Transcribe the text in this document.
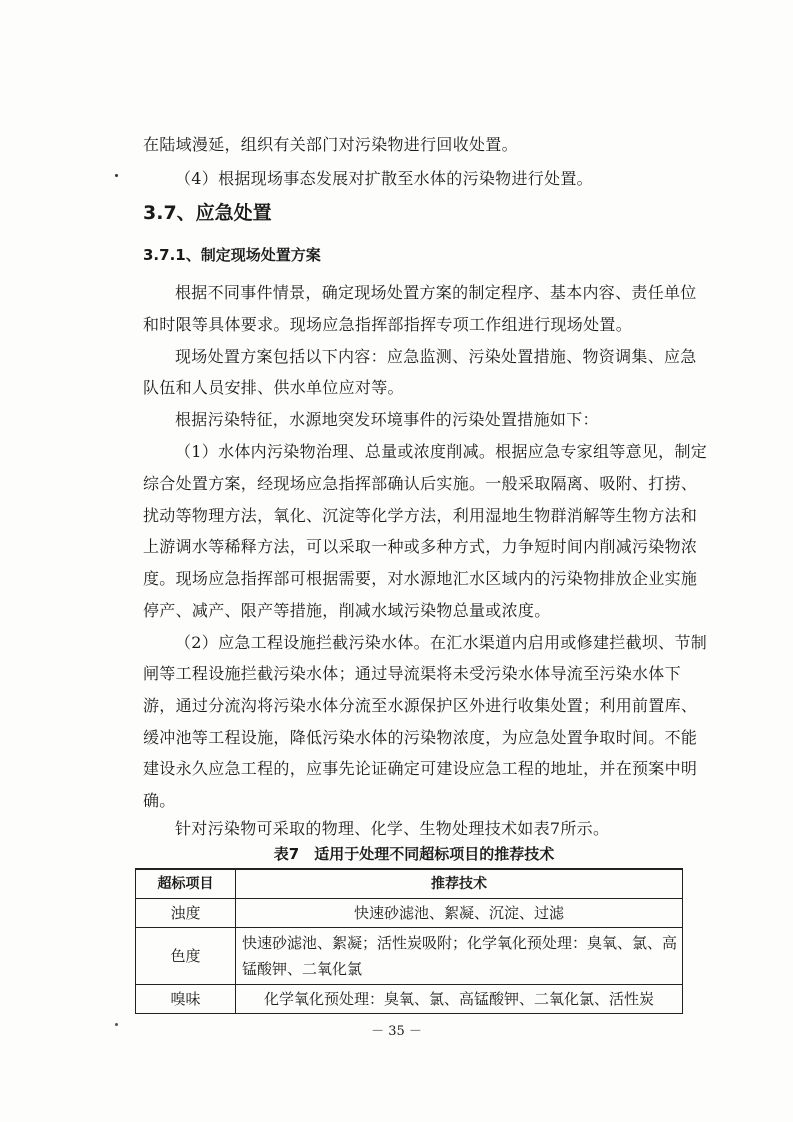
在陆域漫延，组织有关部门对污染物进行回收处置。
（4）根据现场事态发展对扩散至水体的污染物进行处置。
3.7、应急处置
3.7.1、制定现场处置方案
根据不同事件情景，确定现场处置方案的制定程序、基本内容、责任单位
和时限等具体要求。现场应急指挥部指挥专项工作组进行现场处置。
现场处置方案包括以下内容：应急监测、污染处置措施、物资调集、应急
队伍和人员安排、供水单位应对等。
根据污染特征，水源地突发环境事件的污染处置措施如下：
（1）水体内污染物治理、总量或浓度削减。根据应急专家组等意见，制定
综合处置方案，经现场应急指挥部确认后实施。一般采取隔离、吸附、打捞、
扰动等物理方法，氧化、沉淀等化学方法，利用湿地生物群消解等生物方法和
上游调水等稀释方法，可以采取一种或多种方式，力争短时间内削减污染物浓
度。现场应急指挥部可根据需要，对水源地汇水区域内的污染物排放企业实施
停产、减产、限产等措施，削减水域污染物总量或浓度。
（2）应急工程设施拦截污染水体。在汇水渠道内启用或修建拦截坝、节制
闸等工程设施拦截污染水体；通过导流渠将未受污染水体导流至污染水体下
游，通过分流沟将污染水体分流至水源保护区外进行收集处置；利用前置库、
缓冲池等工程设施，降低污染水体的污染物浓度，为应急处置争取时间。不能
建设永久应急工程的，应事先论证确定可建设应急工程的地址，并在预案中明
确。
针对污染物可采取的物理、化学、生物处理技术如表7所示。
表7　适用于处理不同超标项目的推荐技术
超标项目	推荐技术
浊度	快速砂滤池、絮凝、沉淀、过滤
色度	快速砂滤池、絮凝；活性炭吸附；化学氧化预处理：臭氧、氯、高
锰酸钾、二氧化氯

嗅味	化学氧化预处理：臭氧、氯、高锰酸钾、二氧化氯、活性炭
－ 35 －
